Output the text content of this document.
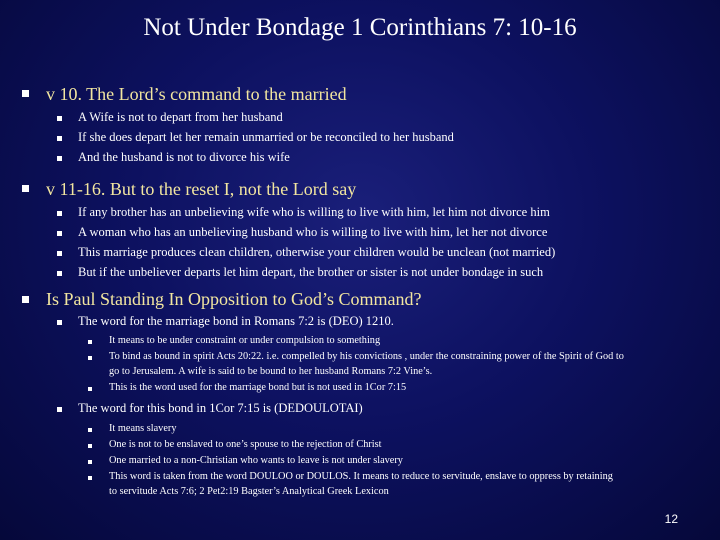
Not Under Bondage 1 Corinthians 7: 10-16
v 10. The Lord’s command to the married
A Wife is not to depart from her husband
If she does depart let her remain unmarried or be reconciled to her husband
And the husband is not to divorce his wife
v 11-16. But to the reset I, not the Lord say
If any brother has an unbelieving wife who is willing to live with him, let him not divorce him
A woman who has an unbelieving husband who is willing to live with him, let her not divorce
This marriage produces clean children, otherwise your children would be unclean (not married)
But if the unbeliever departs let him depart, the brother or sister is not under bondage in such
Is Paul Standing In Opposition to God’s Command?
The word for the marriage bond in Romans 7:2 is (DEO) 1210.
It means to be under constraint or under compulsion to something
To bind as bound in spirit Acts 20:22. i.e. compelled by his convictions , under the constraining power of the Spirit of God to
go to Jerusalem. A wife is said to be bound to her husband Romans 7:2 Vine’s.
This is the word used for the marriage bond but is not used in 1Cor 7:15
The word for this bond in 1Cor 7:15 is (DEDOULOTAI)
It means slavery
One is not to be enslaved to one’s spouse to the rejection of Christ
One married to a non-Christian who wants to leave is not under slavery
This word is taken from the word DOULOO or DOULOS. It means to reduce to servitude, enslave to oppress by retaining
to servitude Acts 7:6; 2 Pet2:19 Bagster’s Analytical Greek Lexicon
12
